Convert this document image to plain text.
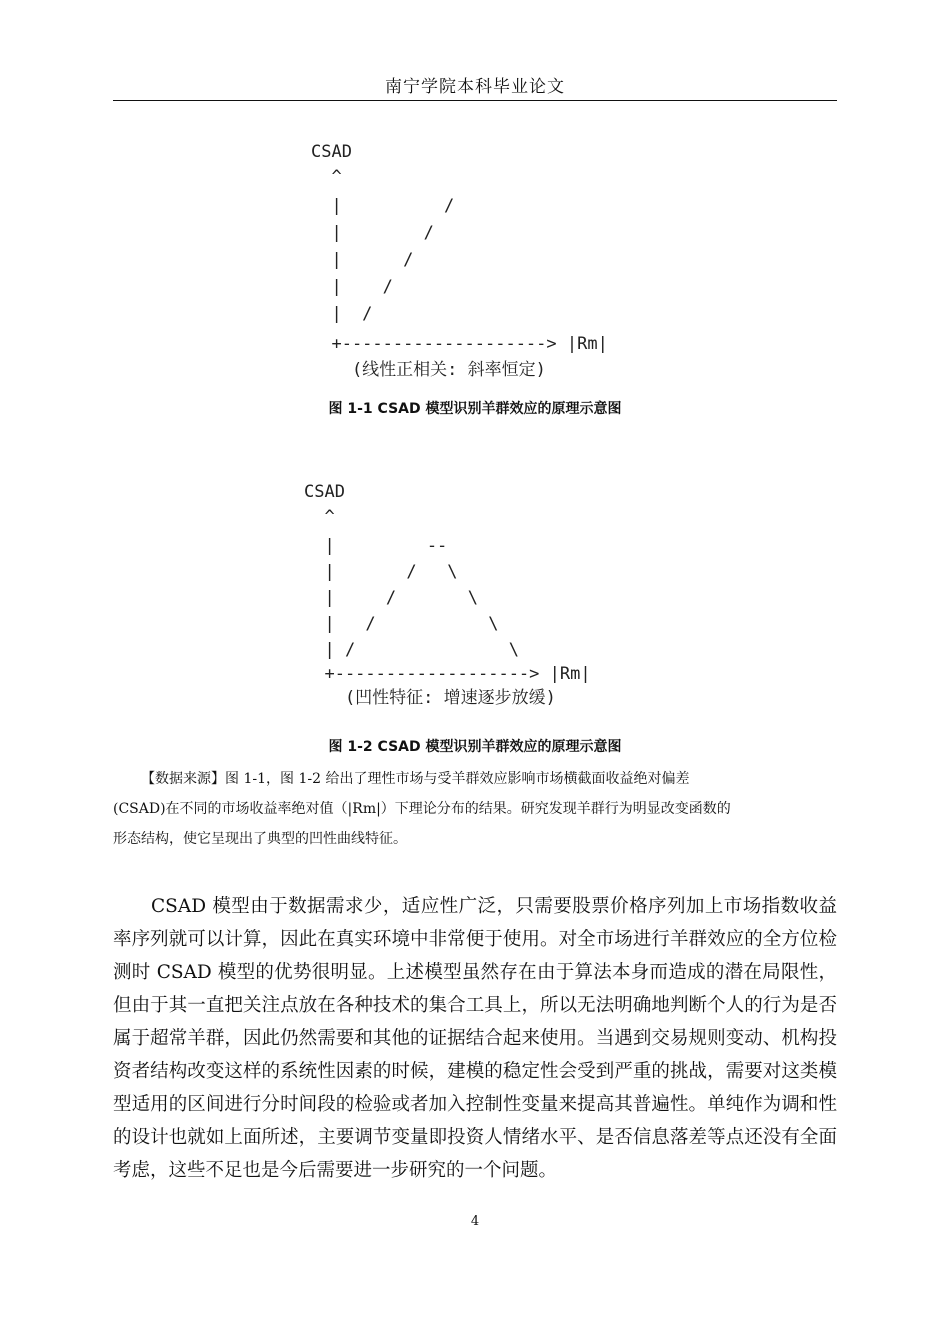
南宁学院本科毕业论文

CSAD

^

|          /

|        /

|      /

|    /

|  /

+--------------------> |Rm|

(线性正相关: 斜率恒定)

图 1-1 CSAD 模型识别羊群效应的原理示意图

CSAD

^

|         --

|       /   \

|     /       \

|   /           \

| /               \

+-------------------> |Rm|

(凹性特征: 增速逐步放缓)

图 1-2 CSAD 模型识别羊群效应的原理示意图

【数据来源】图 1-1，图 1-2 给出了理性市场与受羊群效应影响市场横截面收益绝对偏差

(CSAD)在不同的市场收益率绝对值（|Rm|）下理论分布的结果。研究发现羊群行为明显改变函数的

形态结构，使它呈现出了典型的凹性曲线特征。

CSAD 模型由于数据需求少，适应性广泛，只需要股票价格序列加上市场指数收益率序列就可以计算，因此在真实环境中非常便于使用。对全市场进行羊群效应的全方位检测时 CSAD 模型的优势很明显。上述模型虽然存在由于算法本身而造成的潜在局限性，但由于其一直把关注点放在各种技术的集合工具上，所以无法明确地判断个人的行为是否属于超常羊群，因此仍然需要和其他的证据结合起来使用。当遇到交易规则变动、机构投资者结构改变这样的系统性因素的时候，建模的稳定性会受到严重的挑战，需要对这类模型适用的区间进行分时间段的检验或者加入控制性变量来提高其普遍性。单纯作为调和性的设计也就如上面所述，主要调节变量即投资人情绪水平、是否信息落差等点还没有全面考虑，这些不足也是今后需要进一步研究的一个问题。

4
